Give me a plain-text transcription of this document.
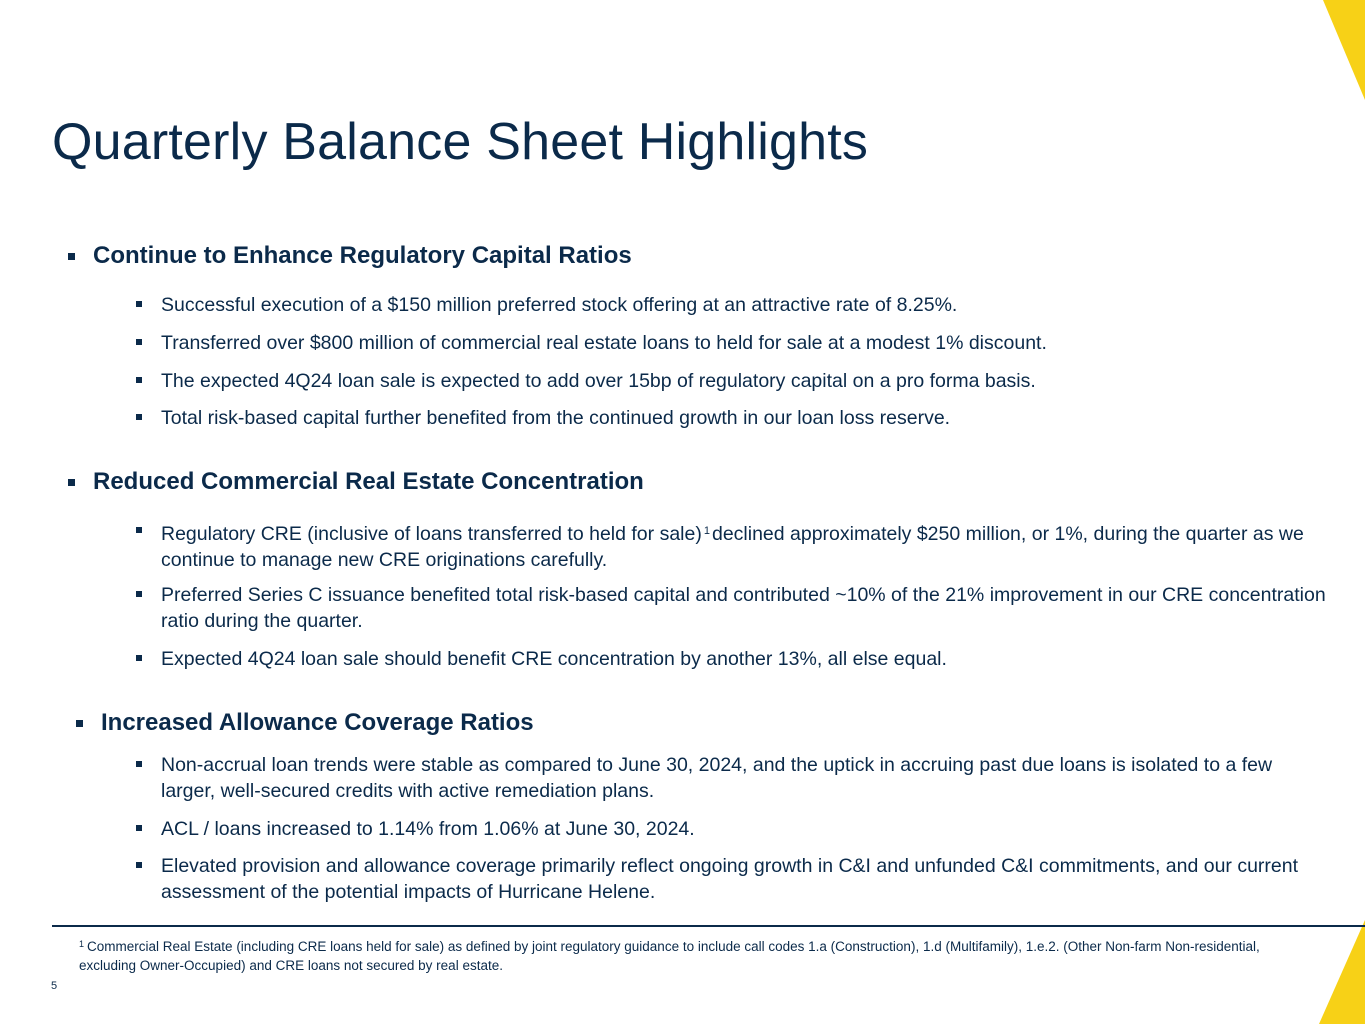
Quarterly Balance Sheet Highlights
Continue to Enhance Regulatory Capital Ratios
Successful execution of a $150 million preferred stock offering at an attractive rate of 8.25%.
Transferred over $800 million of commercial real estate loans to held for sale at a modest 1% discount.
The expected 4Q24 loan sale is expected to add over 15bp of regulatory capital on a pro forma basis.
Total risk-based capital further benefited from the continued growth in our loan loss reserve.
Reduced Commercial Real Estate Concentration
Regulatory CRE (inclusive of loans transferred to held for sale) $^1$ declined approximately $250 million, or 1%, during the quarter as we continue to manage new CRE originations carefully.
Preferred Series C issuance benefited total risk-based capital and contributed ~10% of the 21% improvement in our CRE concentration ratio during the quarter.
Expected 4Q24 loan sale should benefit CRE concentration by another 13%, all else equal.
Increased Allowance Coverage Ratios
Non-accrual loan trends were stable as compared to June 30, 2024, and the uptick in accruing past due loans is isolated to a few larger, well-secured credits with active remediation plans.
ACL / loans increased to 1.14% from 1.06% at June 30, 2024.
Elevated provision and allowance coverage primarily reflect ongoing growth in C&I and unfunded C&I commitments, and our current assessment of the potential impacts of Hurricane Helene.
$^1$ Commercial Real Estate (including CRE loans held for sale) as defined by joint regulatory guidance to include call codes 1.a (Construction), 1.d (Multifamily), 1.e.2. (Other Non-farm Non-residential, excluding Owner-Occupied) and CRE loans not secured by real estate.
5
